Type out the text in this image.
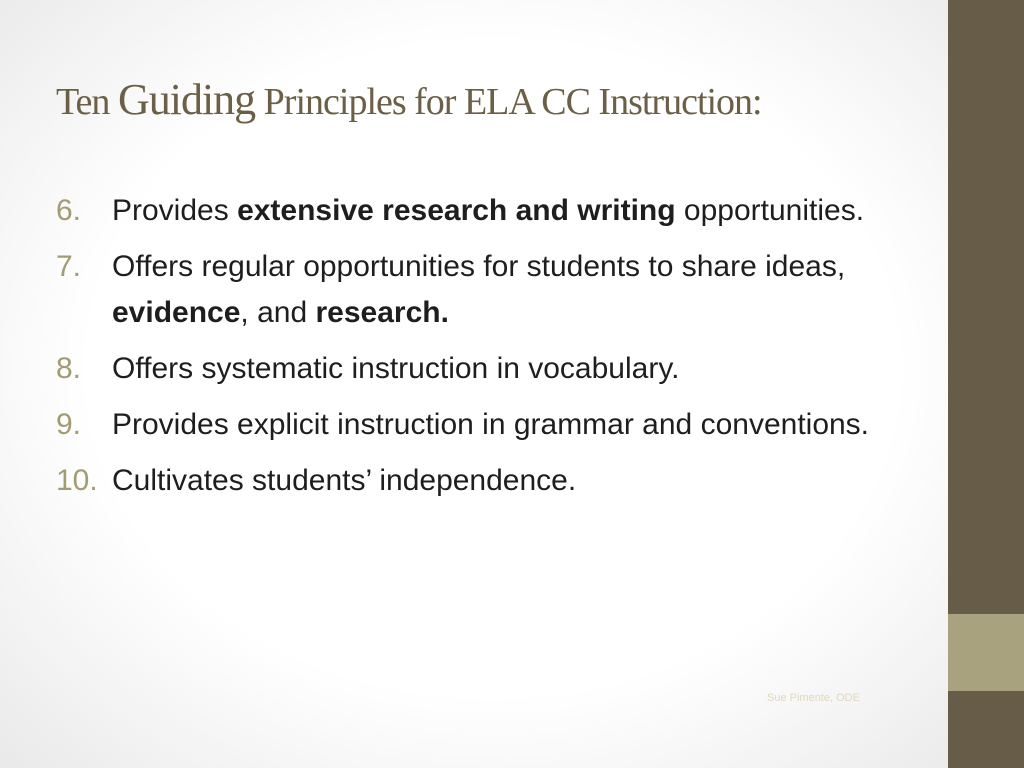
Ten Guiding Principles for ELA CC Instruction:
6.	Provides extensive research and writing opportunities.
7.	Offers regular opportunities for students to share ideas, evidence, and research.
8.	Offers systematic instruction in vocabulary.
9.	Provides explicit instruction in grammar and conventions.
10. Cultivates students’ independence.
Sue Pimente, ODE
